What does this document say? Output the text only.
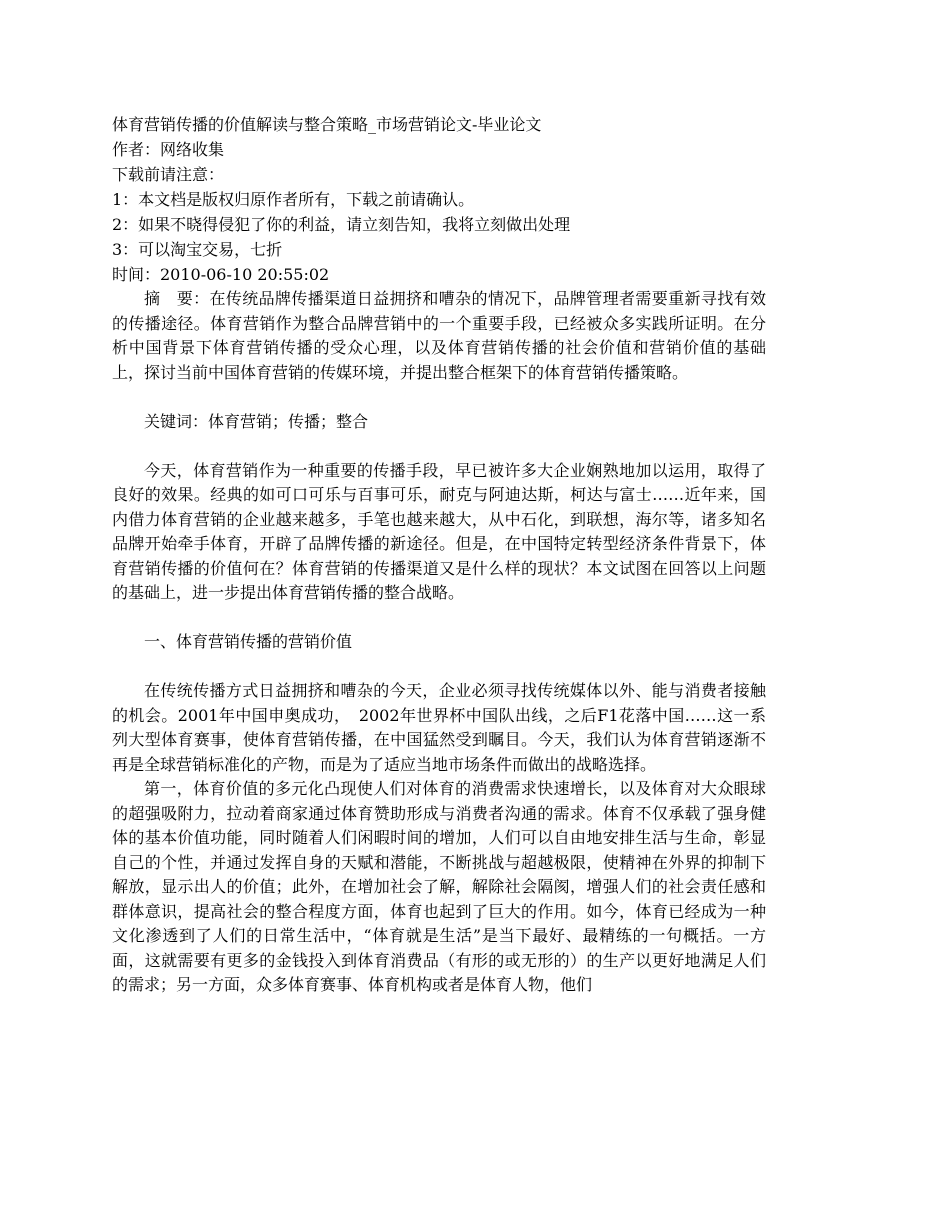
体育营销传播的价值解读与整合策略_市场营销论文-毕业论文
作者：网络收集
下载前请注意：
1：本文档是版权归原作者所有，下载之前请确认。
2：如果不晓得侵犯了你的利益，请立刻告知，我将立刻做出处理
3：可以淘宝交易，七折
时间：2010-06-10 20:55:02

摘　要：在传统品牌传播渠道日益拥挤和嘈杂的情况下，品牌管理者需要重新寻找有效的传播途径。体育营销作为整合品牌营销中的一个重要手段，已经被众多实践所证明。在分析中国背景下体育营销传播的受众心理，以及体育营销传播的社会价值和营销价值的基础上，探讨当前中国体育营销的传媒环境，并提出整合框架下的体育营销传播策略。

关键词：体育营销；传播；整合

今天，体育营销作为一种重要的传播手段，早已被许多大企业娴熟地加以运用，取得了良好的效果。经典的如可口可乐与百事可乐，耐克与阿迪达斯，柯达与富士……近年来，国内借力体育营销的企业越来越多，手笔也越来越大，从中石化，到联想，海尔等，诸多知名品牌开始牵手体育，开辟了品牌传播的新途径。但是，在中国特定转型经济条件背景下，体育营销传播的价值何在？体育营销的传播渠道又是什么样的现状？本文试图在回答以上问题的基础上，进一步提出体育营销传播的整合战略。

一、体育营销传播的营销价值

在传统传播方式日益拥挤和嘈杂的今天，企业必须寻找传统媒体以外、能与消费者接触的机会。2001年中国申奥成功，　2002年世界杯中国队出线，之后F1花落中国……这一系列大型体育赛事，使体育营销传播，在中国猛然受到瞩目。今天，我们认为体育营销逐渐不再是全球营销标准化的产物，而是为了适应当地市场条件而做出的战略选择。

第一，体育价值的多元化凸现使人们对体育的消费需求快速增长，以及体育对大众眼球的超强吸附力，拉动着商家通过体育赞助形成与消费者沟通的需求。体育不仅承载了强身健体的基本价值功能，同时随着人们闲暇时间的增加，人们可以自由地安排生活与生命，彰显自己的个性，并通过发挥自身的天赋和潜能，不断挑战与超越极限，使精神在外界的抑制下解放，显示出人的价值；此外，在增加社会了解，解除社会隔阂，增强人们的社会责任感和群体意识，提高社会的整合程度方面，体育也起到了巨大的作用。如今，体育已经成为一种文化渗透到了人们的日常生活中，“体育就是生活”是当下最好、最精练的一句概括。一方面，这就需要有更多的金钱投入到体育消费品（有形的或无形的）的生产以更好地满足人们的需求；另一方面，众多体育赛事、体育机构或者是体育人物，他们
